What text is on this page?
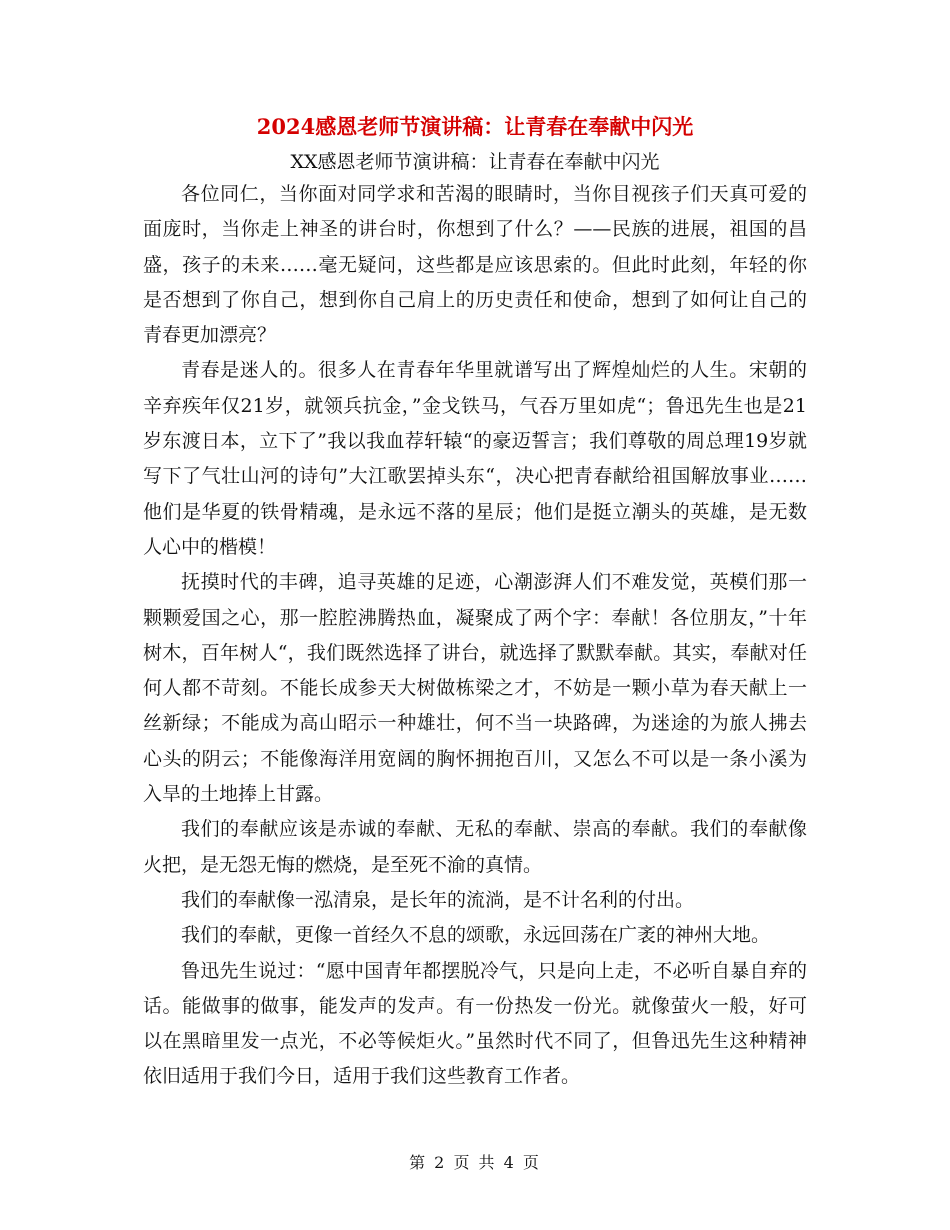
2024感恩老师节演讲稿：让青春在奉献中闪光
XX感恩老师节演讲稿：让青春在奉献中闪光

各位同仁，当你面对同学求和苦渴的眼睛时，当你目视孩子们天真可爱的面庞时，当你走上神圣的讲台时，你想到了什么？——民族的进展，祖国的昌盛，孩子的未来……毫无疑问，这些都是应该思索的。但此时此刻，年轻的你是否想到了你自己，想到你自己肩上的历史责任和使命，想到了如何让自己的青春更加漂亮？

青春是迷人的。很多人在青春年华里就谱写出了辉煌灿烂的人生。宋朝的辛弃疾年仅21岁，就领兵抗金，”金戈铁马，气吞万里如虎“；鲁迅先生也是21岁东渡日本，立下了”我以我血荐轩辕“的豪迈誓言；我们尊敬的周总理19岁就写下了气壮山河的诗句”大江歌罢掉头东“，决心把青春献给祖国解放事业……他们是华夏的铁骨精魂，是永远不落的星辰；他们是挺立潮头的英雄，是无数人心中的楷模！

抚摸时代的丰碑，追寻英雄的足迹，心潮澎湃人们不难发觉，英模们那一颗颗爱国之心，那一腔腔沸腾热血，凝聚成了两个字：奉献！各位朋友，”十年树木，百年树人“，我们既然选择了讲台，就选择了默默奉献。其实，奉献对任何人都不苛刻。不能长成参天大树做栋梁之才，不妨是一颗小草为春天献上一丝新绿；不能成为高山昭示一种雄壮，何不当一块路碑，为迷途的为旅人拂去心头的阴云；不能像海洋用宽阔的胸怀拥抱百川，又怎么不可以是一条小溪为入旱的土地捧上甘露。

我们的奉献应该是赤诚的奉献、无私的奉献、崇高的奉献。我们的奉献像火把，是无怨无悔的燃烧，是至死不渝的真情。

我们的奉献像一泓清泉，是长年的流淌，是不计名利的付出。

我们的奉献，更像一首经久不息的颂歌，永远回荡在广袤的神州大地。

鲁迅先生说过：“愿中国青年都摆脱冷气，只是向上走，不必听自暴自弃的话。能做事的做事，能发声的发声。有一份热发一份光。就像萤火一般，好可以在黑暗里发一点光，不必等候炬火。”虽然时代不同了，但鲁迅先生这种精神依旧适用于我们今日，适用于我们这些教育工作者。

第 2 页 共 4 页
